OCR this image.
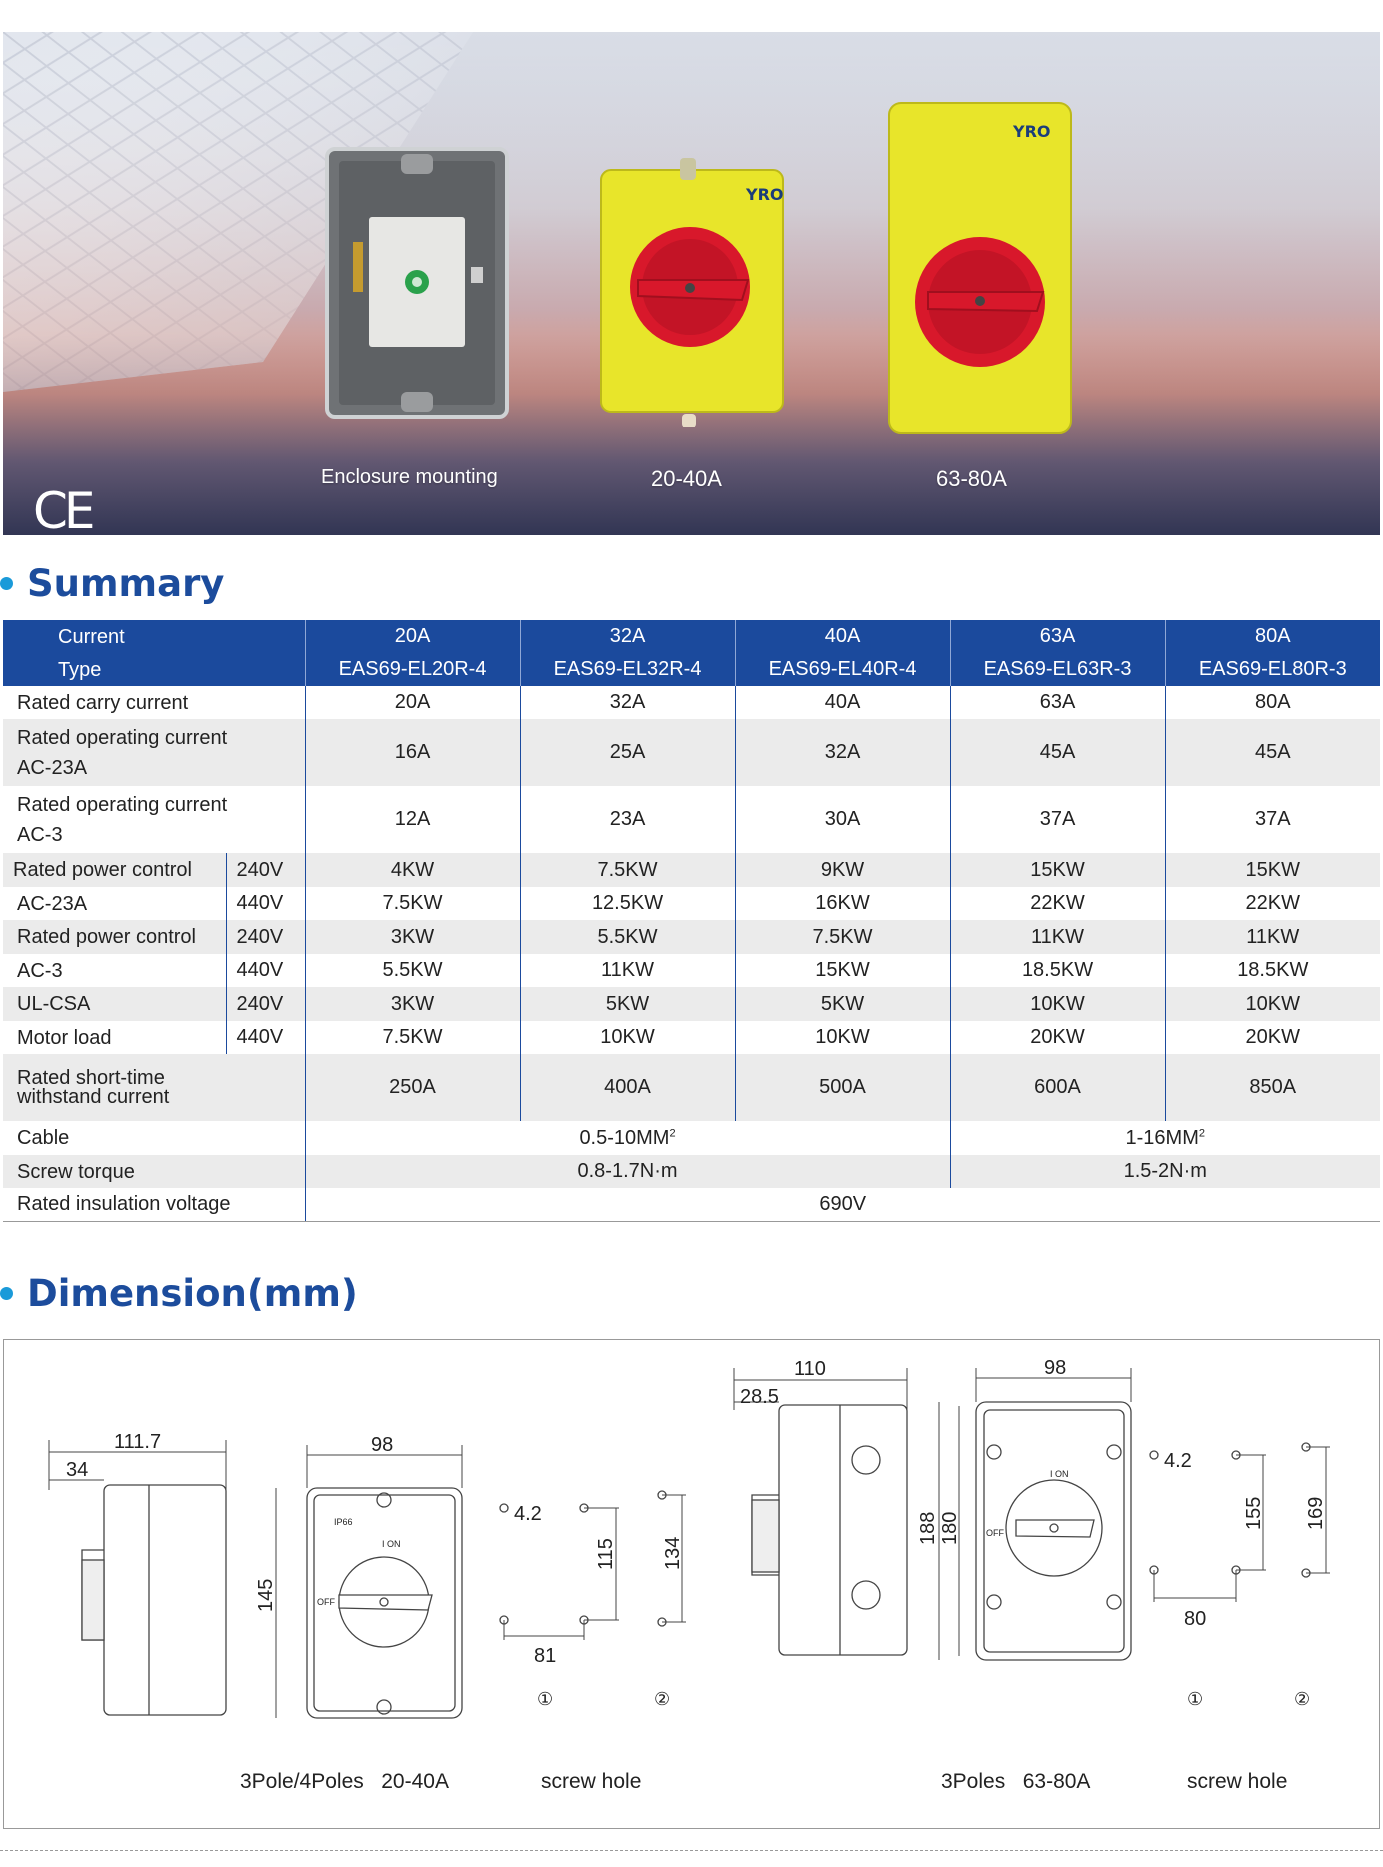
YRO
YRO
CE
Enclosure mounting	20-40A	63-80A
Summary
Current		20A	32A	40A	63A	80A
Type		EAS69-EL20R-4	EAS69-EL32R-4	EAS69-EL40R-4	EAS69-EL63R-3	EAS69-EL80R-3
Rated carry current		20A	32A	40A	63A	80A
Rated operating current
AC-23A		16A	25A	32A	45A	45A
Rated operating current
AC-3		12A	23A	30A	37A	37A
Rated power control	240V	4KW	7.5KW	9KW	15KW	15KW
AC-23A	440V	7.5KW	12.5KW	16KW	22KW	22KW
Rated power control	240V	3KW	5.5KW	7.5KW	11KW	11KW
AC-3	440V	5.5KW	11KW	15KW	18.5KW	18.5KW
UL-CSA	240V	3KW	5KW	5KW	10KW	10KW
Motor load	440V	7.5KW	10KW	10KW	20KW	20KW
Rated short-time
withstand current		250A	400A	500A	600A	850A
Cable		$0.5-10MM^2$			$1-16MM^2$
Screw torque		0.8-1.7N·m			1.5-2N·m	
Rated insulation voltage		690V				
Dimension(mm)
111.7
34
98
145
4.2
115 134
81
IP66
I ON
OFF
①	②
110
28.5
188 180
98
4.2
155 169
80
I ON
OFF
①	②
3Pole/4Poles   20-40A	screw hole	3Poles   63-80A	screw hole
